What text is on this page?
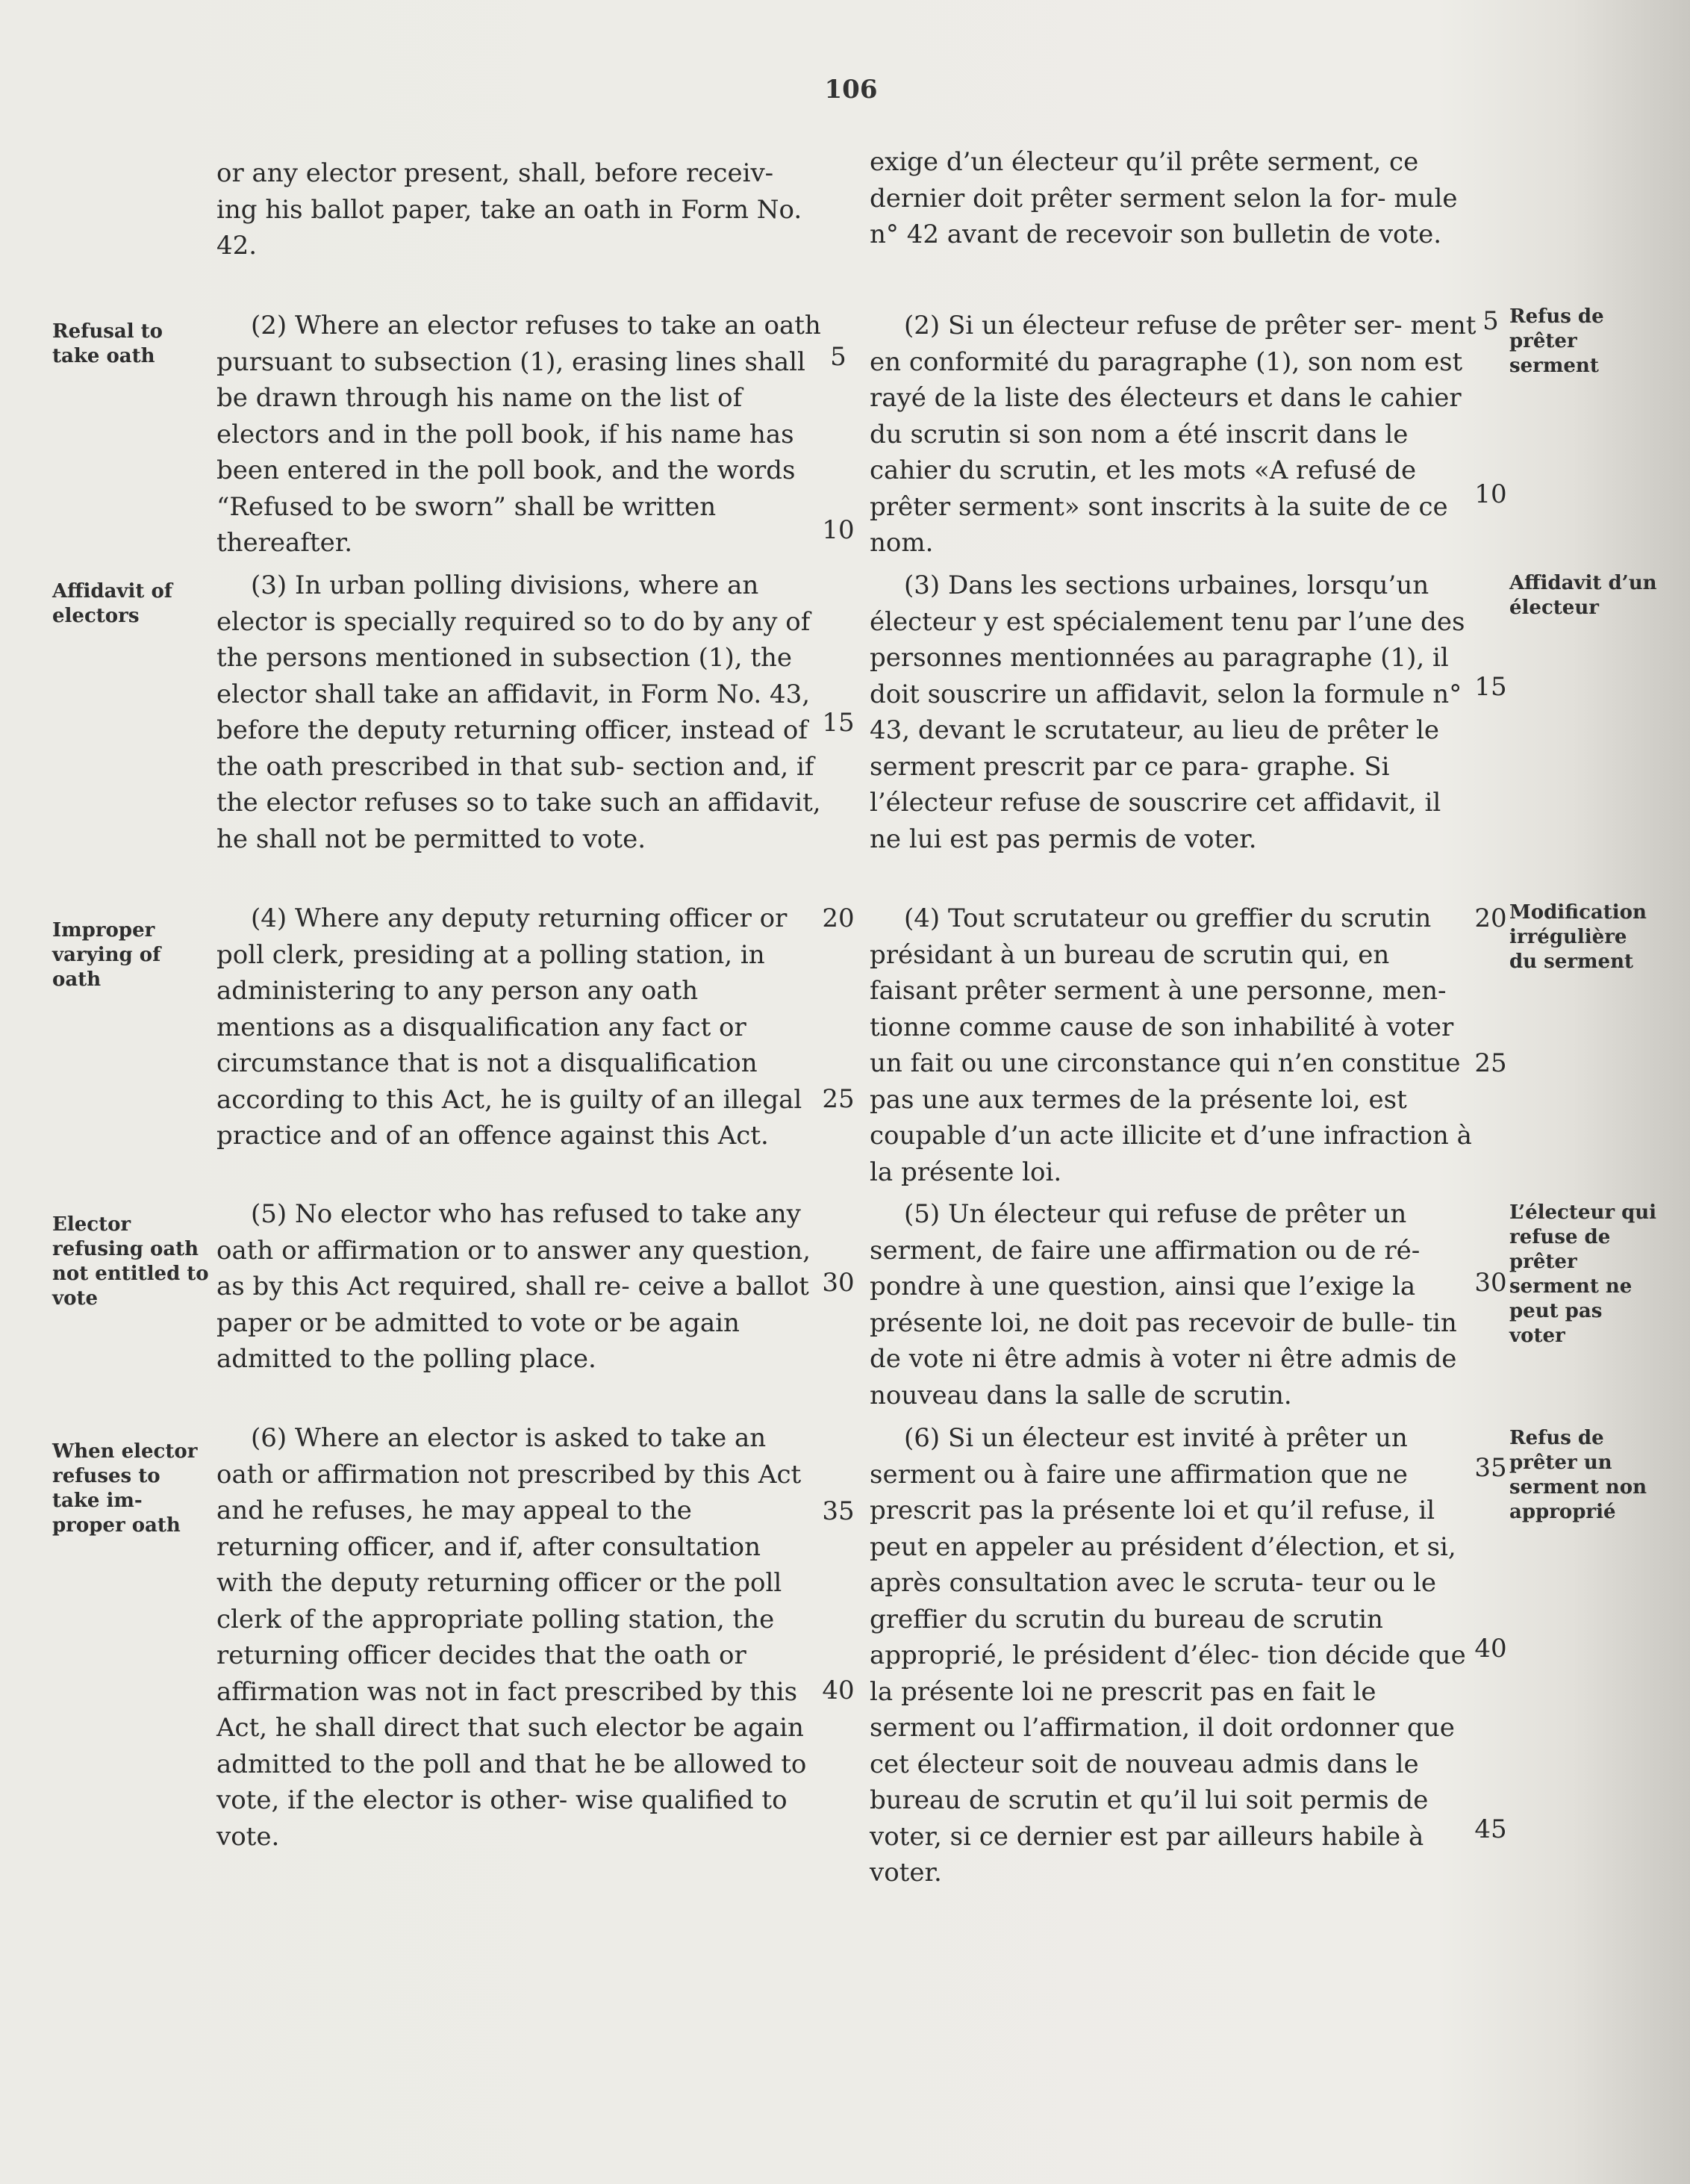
106
or any elector present, shall, before receiv- ing his ballot paper, take an oath in Form No. 42.
(2) Where an elector refuses to take an oath pursuant to subsection (1), erasing lines shall be drawn through his name on the list of electors and in the poll book, if his name has been entered in the poll book, and the words “Refused to be sworn” shall be written thereafter.
(3) In urban polling divisions, where an elector is specially required so to do by any of the persons mentioned in subsection (1), the elector shall take an affidavit, in Form No. 43, before the deputy returning officer, instead of the oath prescribed in that sub- section and, if the elector refuses so to take such an affidavit, he shall not be permitted to vote.
(4) Where any deputy returning officer or poll clerk, presiding at a polling station, in administering to any person any oath mentions as a disqualification any fact or circumstance that is not a disqualification according to this Act, he is guilty of an illegal practice and of an offence against this Act.
(5) No elector who has refused to take any oath or affirmation or to answer any question, as by this Act required, shall re- ceive a ballot paper or be admitted to vote or be again admitted to the polling place.
(6) Where an elector is asked to take an oath or affirmation not prescribed by this Act and he refuses, he may appeal to the returning officer, and if, after consultation with the deputy returning officer or the poll clerk of the appropriate polling station, the returning officer decides that the oath or affirmation was not in fact prescribed by this Act, he shall direct that such elector be again admitted to the poll and that he be allowed to vote, if the elector is other- wise qualified to vote.
exige d’un électeur qu’il prête serment, ce dernier doit prêter serment selon la for- mule n° 42 avant de recevoir son bulletin de vote.
(2) Si un électeur refuse de prêter ser- ment en conformité du paragraphe (1), son nom est rayé de la liste des électeurs et dans le cahier du scrutin si son nom a été inscrit dans le cahier du scrutin, et les mots «A refusé de prêter serment» sont inscrits à la suite de ce nom.
(3) Dans les sections urbaines, lorsqu’un électeur y est spécialement tenu par l’une des personnes mentionnées au paragraphe (1), il doit souscrire un affidavit, selon la formule n° 43, devant le scrutateur, au lieu de prêter le serment prescrit par ce para- graphe. Si l’électeur refuse de souscrire cet affidavit, il ne lui est pas permis de voter.
(4) Tout scrutateur ou greffier du scrutin présidant à un bureau de scrutin qui, en faisant prêter serment à une personne, men- tionne comme cause de son inhabilité à voter un fait ou une circonstance qui n’en constitue pas une aux termes de la présente loi, est coupable d’un acte illicite et d’une infraction à la présente loi.
(5) Un électeur qui refuse de prêter un serment, de faire une affirmation ou de ré- pondre à une question, ainsi que l’exige la présente loi, ne doit pas recevoir de bulle- tin de vote ni être admis à voter ni être admis de nouveau dans la salle de scrutin.
(6) Si un électeur est invité à prêter un serment ou à faire une affirmation que ne prescrit pas la présente loi et qu’il refuse, il peut en appeler au président d’élection, et si, après consultation avec le scruta- teur ou le greffier du scrutin du bureau de scrutin approprié, le président d’élec- tion décide que la présente loi ne prescrit pas en fait le serment ou l’affirmation, il doit ordonner que cet électeur soit de nouveau admis dans le bureau de scrutin et qu’il lui soit permis de voter, si ce dernier est par ailleurs habile à voter.
Refusal to take oath
Affidavit of electors
Improper varying of oath
Elector refusing oath not entitled to vote
When elector refuses to take im- proper oath
Refus de prêter serment
Affidavit d’un électeur
Modification irrégulière du serment
L’électeur qui refuse de prêter serment ne peut pas voter
Refus de prêter un serment non approprié
5
10
15
20
25
30
35
40
5
10
15
20
25
30
35
40
45
